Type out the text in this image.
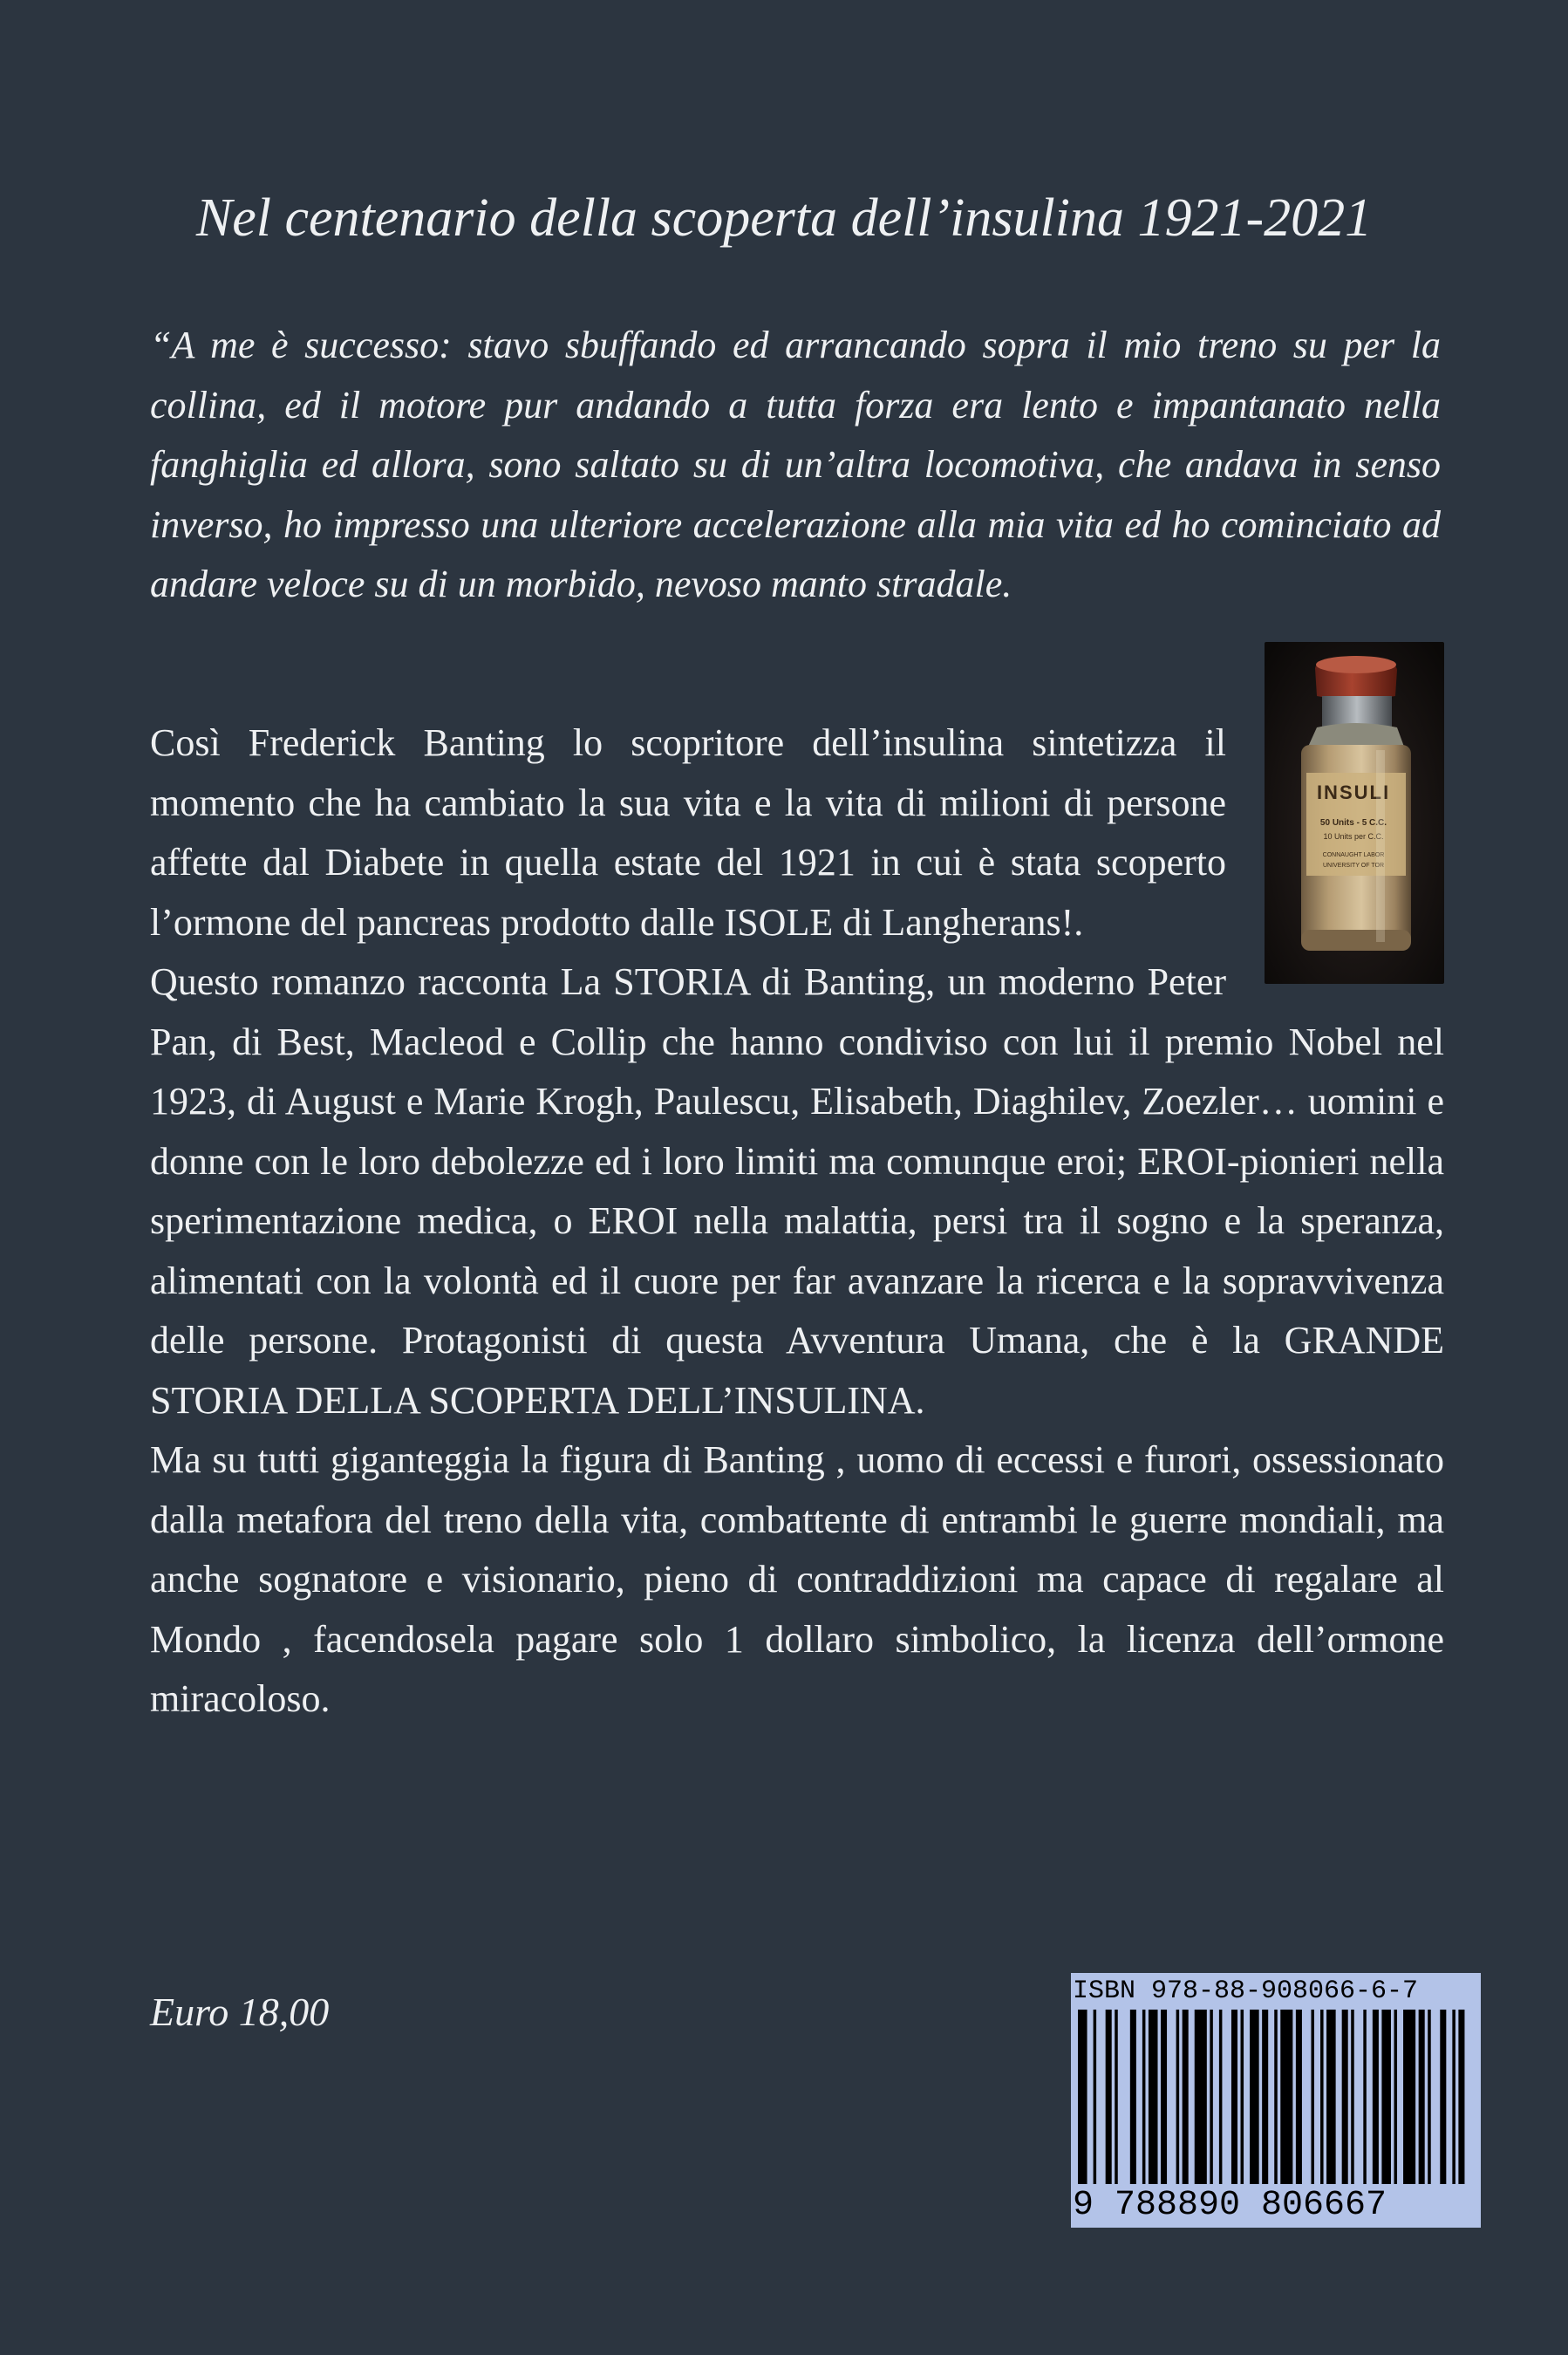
Nel centenario della scoperta dell’insulina 1921-2021

“A me è successo: stavo sbuffando ed arrancando sopra il mio treno su per la collina, ed il motore pur andando a tutta forza era lento e impantanato nella fanghiglia ed allora, sono saltato su di un’altra locomotiva, che andava in senso inverso, ho impresso una ulteriore accelerazione alla mia vita ed ho cominciato ad andare veloce su di un morbido, nevoso manto stradale.

INSULI
50 Units - 5 C.C.
10 Units per C.C.
CONNAUGHT LABOR
UNIVERSITY OF TOR
Così Frederick Banting lo scopritore dell’insulina sintetizza il momento che ha cambiato la sua vita e la vita di milioni di persone affette dal Diabete in quella estate del 1921 in cui è stata scoperto l’ormone del pancreas prodotto dalle ISOLE di Langherans!.
Questo romanzo racconta La STORIA di Banting, un moderno Peter Pan, di Best, Macleod e Collip che hanno condiviso con lui il premio Nobel nel 1923, di August e Marie Krogh, Paulescu, Elisabeth, Diaghilev, Zoezler… uomini e donne con le loro debolezze ed i loro limiti ma comunque eroi; EROI-pionieri nella sperimentazione medica, o EROI nella malattia, persi tra il sogno e la speranza, alimentati con la volontà ed il cuore per far avanzare la ricerca e la sopravvivenza delle persone. Protagonisti di questa Avventura Umana, che è la GRANDE STORIA DELLA SCOPERTA DELL’INSULINA.
Ma su tutti giganteggia la figura di Banting , uomo di eccessi e furori, ossessionato dalla metafora del treno della vita, combattente di entrambi le guerre mondiali, ma anche sognatore e visionario, pieno di contraddizioni ma capace di regalare al Mondo , facendosela pagare solo 1 dollaro simbolico, la licenza dell’ormone miracoloso.

Euro 18,00	ISBN 978-88-908066-6-7
9 788890 806667
